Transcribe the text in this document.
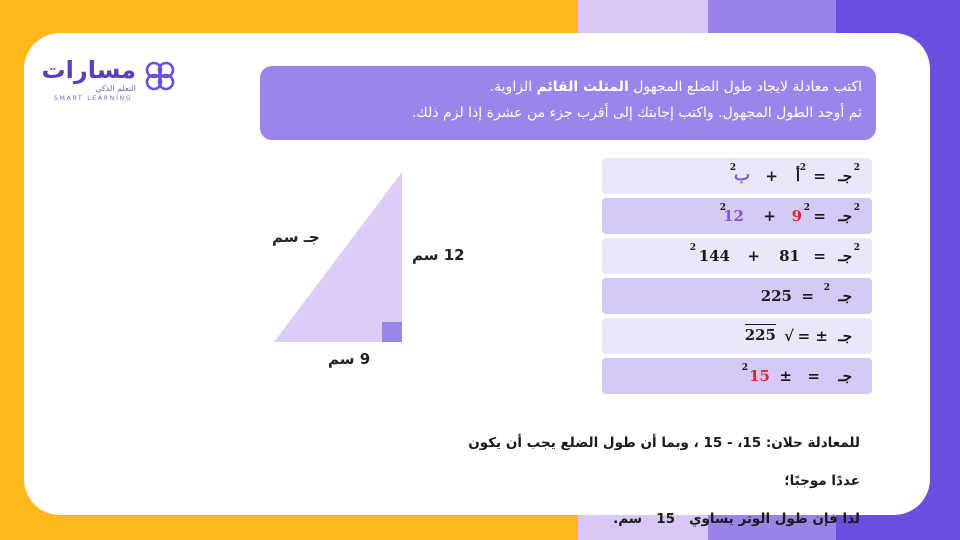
مسارات
التعلم الذكي
SMART LEARNING
اكتب معادلة لايجاد طول الضلع المجهول المثلث القائم الزاوية.
ثم أوجد الطول المجهول. واكتب إجابتك إلى أقرب جزء من عشرة إذا لزم ذلك.
جـ سم
12 سم
9 سم
جـ 2
=
أ 2
+
ب
2
جـ 2
=
9 2
+
12
2
جـ 2
=
81
+
144
2
جـ
2
=
225
جـ
= ±
√
225
جـ
=
±
15
2
للمعادلة حلان: 15، - 15 ، وبما أن طول الضلع يجب أن يكون عددًا موجبًا؛
لذا فإن طول الوتر يساوي   15   سم.
